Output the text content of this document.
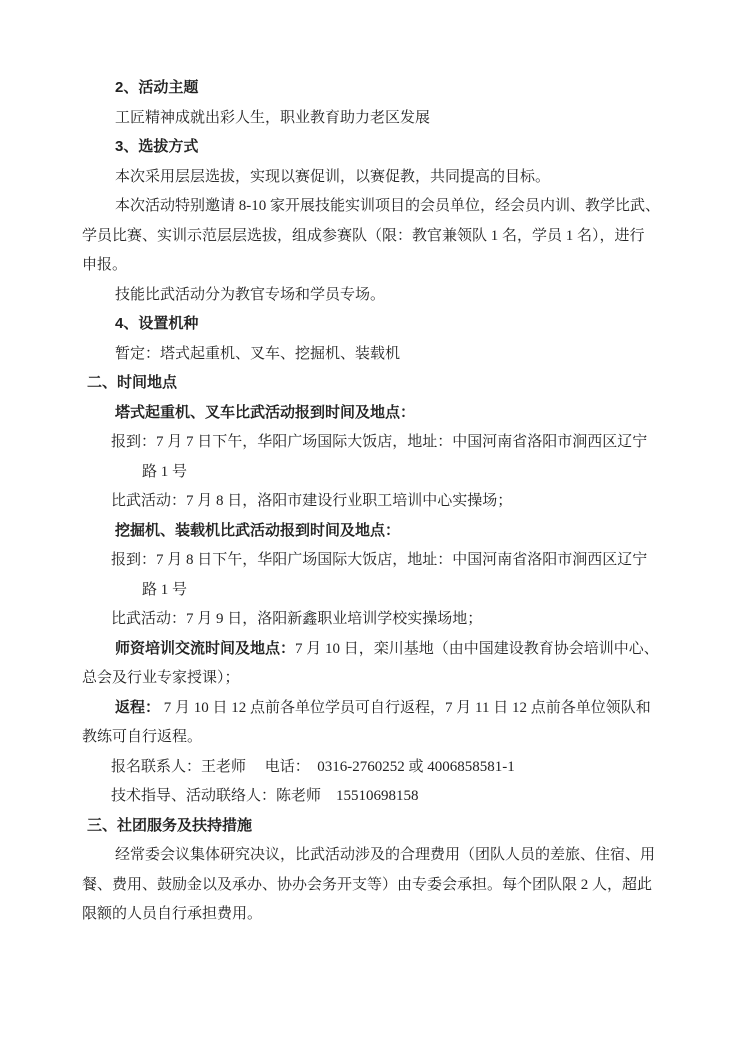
2、活动主题
工匠精神成就出彩人生，职业教育助力老区发展
3、选拔方式
本次采用层层选拔，实现以赛促训，以赛促教，共同提高的目标。
本次活动特别邀请 8-10 家开展技能实训项目的会员单位，经会员内训、教学比武、
学员比赛、实训示范层层选拔，组成参赛队（限：教官兼领队 1 名，学员 1 名），进行
申报。
技能比武活动分为教官专场和学员专场。
4、设置机种
暂定：塔式起重机、叉车、挖掘机、装载机
二、时间地点
塔式起重机、叉车比武活动报到时间及地点：
报到：7 月 7 日下午，华阳广场国际大饭店，地址：中国河南省洛阳市涧西区辽宁
路 1 号
比武活动：7 月 8 日，洛阳市建设行业职工培训中心实操场；
挖掘机、装载机比武活动报到时间及地点：
报到：7 月 8 日下午，华阳广场国际大饭店，地址：中国河南省洛阳市涧西区辽宁
路 1 号
比武活动：7 月 9 日，洛阳新鑫职业培训学校实操场地；
师资培训交流时间及地点：7 月 10 日，栾川基地（由中国建设教育协会培训中心、
总会及行业专家授课）；
返程： 7 月 10 日 12 点前各单位学员可自行返程，7 月 11 日 12 点前各单位领队和
教练可自行返程。
报名联系人：王老师　 电话：　0316-2760252 或 4006858581-1
技术指导、活动联络人：陈老师　15510698158
三、社团服务及扶持措施
经常委会议集体研究决议，比武活动涉及的合理费用（团队人员的差旅、住宿、用
餐、费用、鼓励金以及承办、协办会务开支等）由专委会承担。每个团队限 2 人，超此
限额的人员自行承担费用。
